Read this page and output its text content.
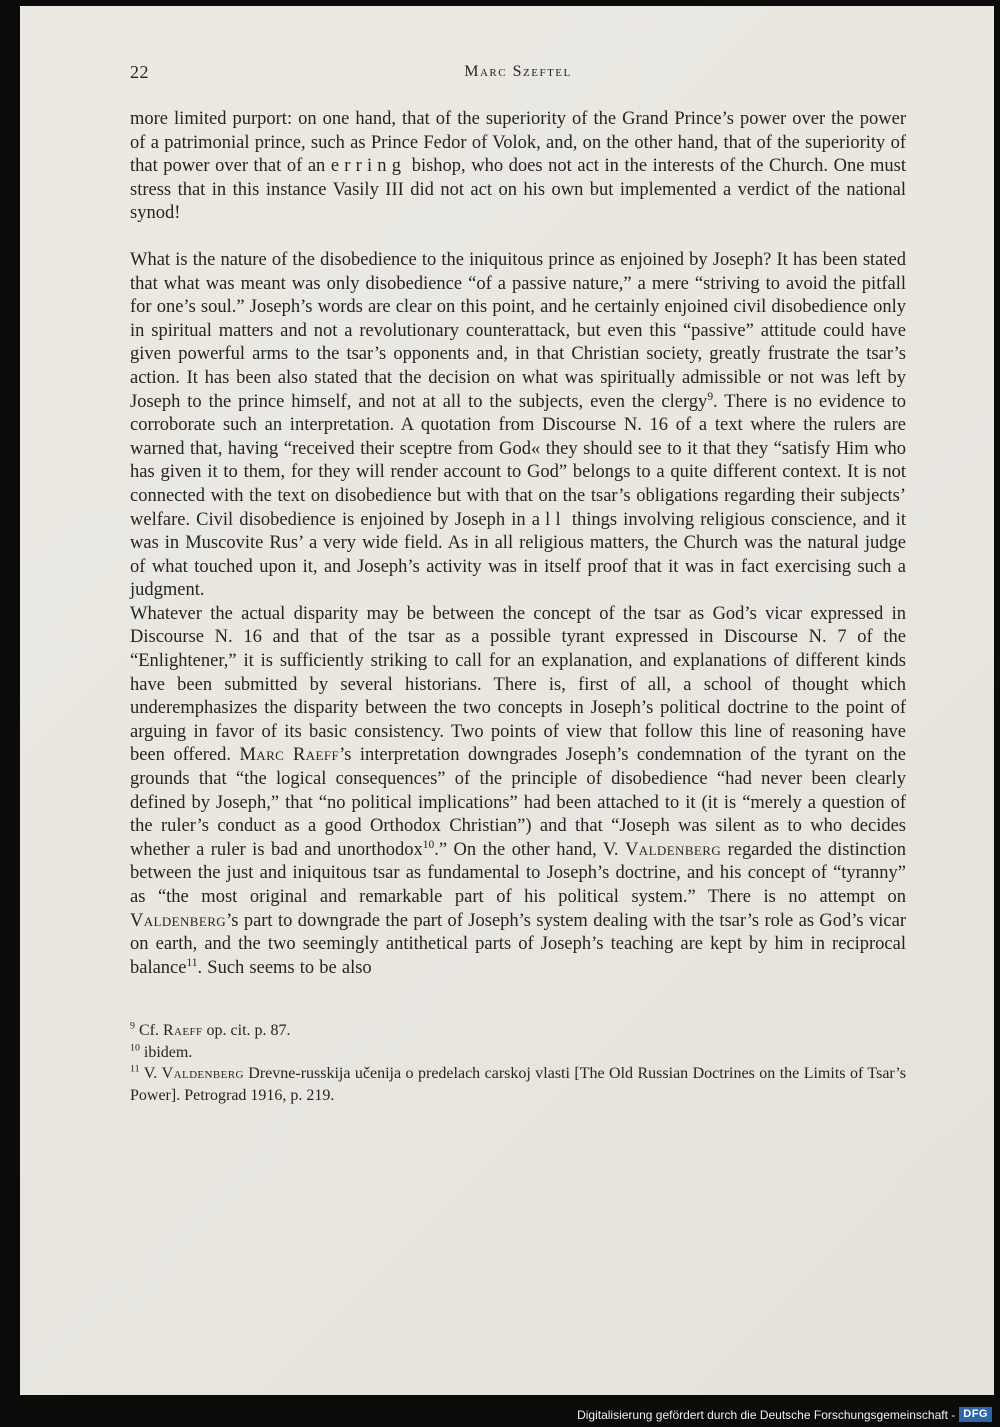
22	Marc Szeftel

more limited purport: on one hand, that of the superiority of the Grand Prince’s power over the power of a patrimonial prince, such as Prince Fedor of Volok, and, on the other hand, that of the superiority of that power over that of an erring bishop, who does not act in the interests of the Church. One must stress that in this instance Vasily III did not act on his own but implemented a verdict of the national synod!

What is the nature of the disobedience to the iniquitous prince as enjoined by Joseph? It has been stated that what was meant was only disobedience “of a passive nature,” a mere “striving to avoid the pitfall for one’s soul.” Joseph’s words are clear on this point, and he certainly enjoined civil disobedience only in spiritual matters and not a revolutionary counterattack, but even this “passive” attitude could have given powerful arms to the tsar’s opponents and, in that Christian society, greatly frustrate the tsar’s action. It has been also stated that the decision on what was spiritually admissible or not was left by Joseph to the prince himself, and not at all to the subjects, even the clergy$^9$. There is no evidence to corroborate such an interpretation. A quotation from Discourse N. 16 of a text where the rulers are warned that, having “received their sceptre from God« they should see to it that they “satisfy Him who has given it to them, for they will render account to God” belongs to a quite different context. It is not connected with the text on disobedience but with that on the tsar’s obligations regarding their subjects’ welfare. Civil disobedience is enjoined by Joseph in all things involving religious conscience, and it was in Muscovite Rus’ a very wide field. As in all religious matters, the Church was the natural judge of what touched upon it, and Joseph’s activity was in itself proof that it was in fact exercising such a judgment.

Whatever the actual disparity may be between the concept of the tsar as God’s vicar expressed in Discourse N. 16 and that of the tsar as a possible tyrant expressed in Discourse N. 7 of the “Enlightener,” it is sufficiently striking to call for an explanation, and explanations of different kinds have been submitted by several historians. There is, first of all, a school of thought which underemphasizes the disparity between the two concepts in Joseph’s political doctrine to the point of arguing in favor of its basic consistency. Two points of view that follow this line of reasoning have been offered. Marc Raeff’s interpretation downgrades Joseph’s condemnation of the tyrant on the grounds that “the logical consequences” of the principle of disobedience “had never been clearly defined by Joseph,” that “no political implications” had been attached to it (it is “merely a question of the ruler’s conduct as a good Orthodox Christian”) and that “Joseph was silent as to who decides whether a ruler is bad and unorthodox$^{10}$.” On the other hand, V. Valdenberg regarded the distinction between the just and iniquitous tsar as fundamental to Joseph’s doctrine, and his concept of “tyranny” as “the most original and remarkable part of his political system.” There is no attempt on Valdenberg’s part to downgrade the part of Joseph’s system dealing with the tsar’s role as God’s vicar on earth, and the two seemingly antithetical parts of Joseph’s teaching are kept by him in reciprocal balance$^{11}$. Such seems to be also

$^9$ Cf. Raeff op. cit. p. 87.

$^{10}$ ibidem.

$^{11}$ V. Valdenberg Drevne-russkija učenija o predelach carskoj vlasti [The Old Russian Doctrines on the Limits of Tsar’s Power]. Petrograd 1916, p. 219.

Digitalisierung gefördert durch die Deutsche Forschungsgemeinschaft - DFG
